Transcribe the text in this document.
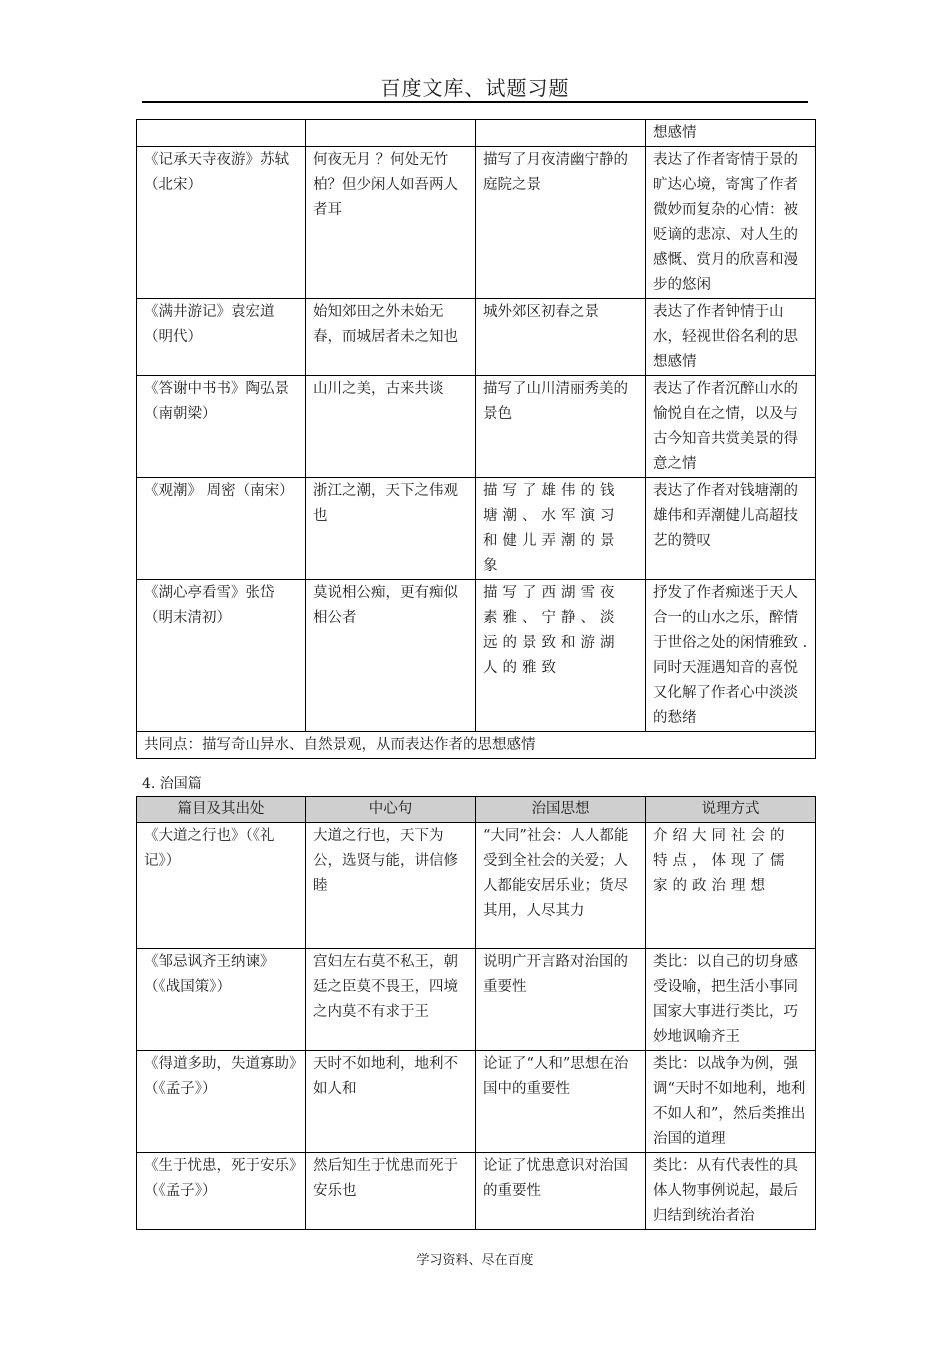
百度文库、试题习题
			想感情
《记承天寺夜游》苏轼（北宋）	何夜无月 ？何处无竹柏？但少闲人如吾两人者耳	描写了月夜清幽宁静的庭院之景	表达了作者寄情于景的旷达心境，寄寓了作者微妙而复杂的心情：被贬谪的悲凉、对人生的感慨、赏月的欣喜和漫步的悠闲
《满井游记》袁宏道（明代）	始知郊田之外未始无春，而城居者未之知也	城外郊区初春之景	表达了作者钟情于山水，轻视世俗名利的思想感情
《答谢中书书》陶弘景（南朝梁）	山川之美，古来共谈	描写了山川清丽秀美的景色	表达了作者沉醉山水的愉悦自在之情，以及与古今知音共赏美景的得意之情
《观潮》 周密（南宋）	浙江之潮，天下之伟观也	描写了雄伟的钱塘潮、水军演习和健儿弄潮的景象	表达了作者对钱塘潮的雄伟和弄潮健儿高超技艺的赞叹
《湖心亭看雪》张岱（明末清初）	莫说相公痴，更有痴似相公者	描写了西湖雪夜素雅、宁静、淡远的景致和游湖人的雅致	抒发了作者痴迷于天人合一的山水之乐，醉情于世俗之处的闲情雅致 . 同时天涯遇知音的喜悦又化解了作者心中淡淡的愁绪
共同点：描写奇山异水、自然景观，从而表达作者的思想感情			
4. 治国篇
篇目及其出处	中心句	治国思想	说理方式
《大道之行也》（《礼记》）	大道之行也，天下为公，选贤与能，讲信修睦	“大同”社会：人人都能受到全社会的关爱；人人都能安居乐业；货尽其用，人尽其力	介绍大同社会的特点，体现了儒家的政治理想
《邹忌讽齐王纳谏》（《战国策》）	宫妇左右莫不私王，朝廷之臣莫不畏王，四境之内莫不有求于王	说明广开言路对治国的重要性	类比：以自己的切身感受设喻，把生活小事同国家大事进行类比，巧妙地讽喻齐王
《得道多助，失道寡助》（《孟子》）	天时不如地利，地利不如人和	论证了“人和”思想在治国中的重要性	类比：以战争为例，强调“天时不如地利，地利不如人和”，然后类推出治国的道理
《生于忧患，死于安乐》（《孟子》）	然后知生于忧患而死于安乐也	论证了忧患意识对治国的重要性	类比：从有代表性的具体人物事例说起，最后归结到统治者治
学习资料、尽在百度
